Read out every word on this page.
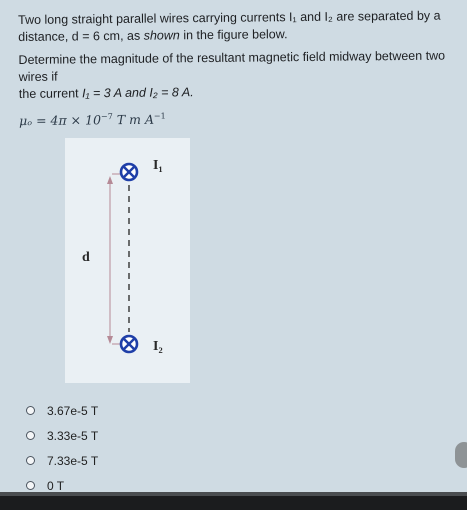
Two long straight parallel wires carrying currents I₁ and I₂ are separated by a
distance, d = 6 cm, as shown in the figure below.

Determine the magnitude of the resultant magnetic field midway between two wires if
the current I₁ = 3 A and I₂ = 8 A.

$\mu_o = 4\pi \times 10^{-7}$ T m $A^{-1}$
I₁
I₂
d
3.67e-5 T
3.33e-5 T
7.33e-5 T
0 T
